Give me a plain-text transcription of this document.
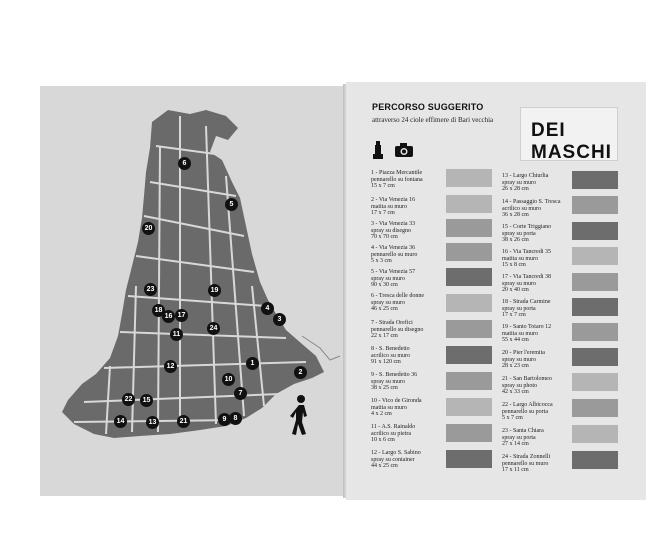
1
2
3
4
5
6
7
8
9
10
11
12
13
14
15
16 17
18
19
20
21
22
23
24
PERCORSO SUGGERITO
attraverso 24 ciole effimere di Bari vecchia DEI MASCHI
1 - Piazza Mercantile
pennarello su fontana
15 x 7 cm
2 - Via Venezia 16
matita su muro
17 x 7 cm
3 - Via Venezia 33
spray su disegno
70 x 70 cm
4 - Via Venezia 36
pennarello su muro
5 x 3 cm
5 - Via Venezia 57
spray su muro
90 x 30 cm
6 - Tresca delle donne
spray su muro
46 x 25 cm
7 - Strada Orefici
pennarello su disegno
22 x 17 cm
8 - S. Benedetto
acrilico su muro
91 x 120 cm
9 - S. Benedetto 36
spray su muro
38 x 25 cm
10 - Vico de Gironda
matita su muro
4 x 2 cm
11 - A.S. Rainaldo
acrilico su pietra
10 x 6 cm
12 - Largo S. Sabino
spray su container
44 x 25 cm
13 - Largo Chiurlia
spray su muro
26 x 28 cm
14 - Passaggio S. Tresca
acrilico su muro
36 x 28 cm
15 - Corte Triggiano
spray su porta
38 x 26 cm
16 - Via Tancredi 35
matita su muro
15 x 8 cm
17 - Via Tancredi 38
spray su muro
20 x 40 cm
18 - Strada Carmine
spray su porta
17 x 7 cm
19 - Santo Totaro 12
matita su muro
55 x 44 cm
20 - Pier l'eremita
spray su muro
28 x 23 cm
21 - San Bartolomeo
spray su photo
42 x 33 cm
22 - Largo Albicocca
pennarello su porta
5 x 7 cm
23 - Santa Chiara
spray su porta
27 x 14 cm
24 - Strada Zonnelli
pennarello su muro
17 x 11 cm
